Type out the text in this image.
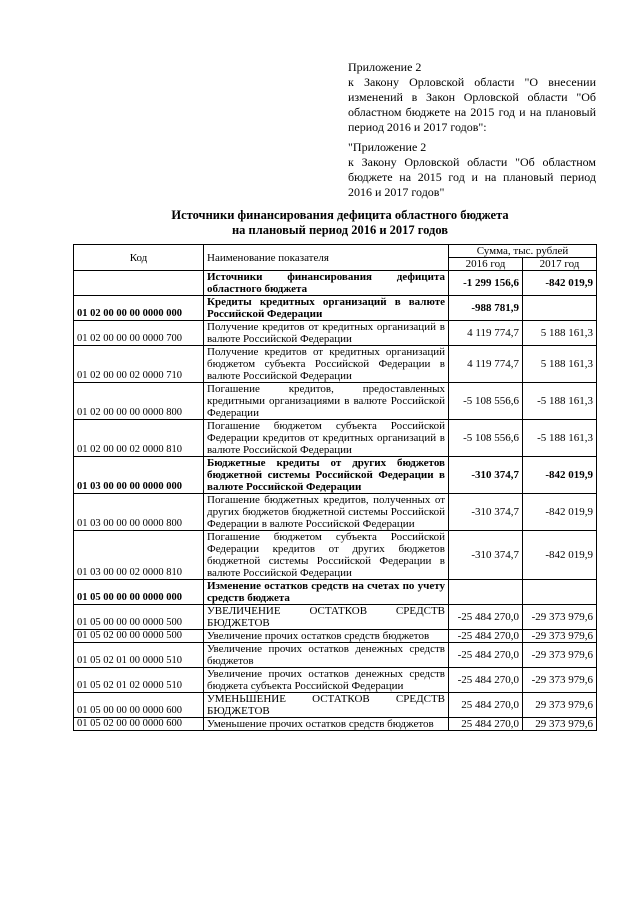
Приложение 2
к Закону Орловской области "О внесении изменений в Закон Орловской области "Об областном бюджете на 2015 год и на плановый период 2016 и 2017 годов":
"Приложение 2
к Закону Орловской области "Об областном бюджете на 2015 год и на плановый период 2016 и 2017 годов"
Источники финансирования дефицита областного бюджета
на плановый период 2016 и 2017 годов
Код	Наименование показателя	Сумма, тыс. рублей	
		2016 год	2017 год
	Источники финансирования дефицита областного бюджета	-1 299 156,6	-842 019,9
01 02 00 00 00 0000 000	Кредиты кредитных организаций в валюте Российской Федерации	-988 781,9	
01 02 00 00 00 0000 700	Получение кредитов от кредитных организаций в валюте Российской Федерации	4 119 774,7	5 188 161,3
01 02 00 00 02 0000 710	Получение кредитов от кредитных организаций бюджетом субъекта Российской Федерации в валюте Российской Федерации	4 119 774,7	5 188 161,3
01 02 00 00 00 0000 800	Погашение кредитов, предоставленных кредитными организациями в валюте Российской Федерации	-5 108 556,6	-5 188 161,3
01 02 00 00 02 0000 810	Погашение бюджетом субъекта Российской Федерации кредитов от кредитных организаций в валюте Российской Федерации	-5 108 556,6	-5 188 161,3
01 03 00 00 00 0000 000	Бюджетные кредиты от других бюджетов бюджетной системы Российской Федерации в валюте Российской Федерации	-310 374,7	-842 019,9
01 03 00 00 00 0000 800	Погашение бюджетных кредитов, полученных от других бюджетов бюджетной системы Российской Федерации в валюте Российской Федерации	-310 374,7	-842 019,9
01 03 00 00 02 0000 810	Погашение бюджетом субъекта Российской Федерации кредитов от других бюджетов бюджетной системы Российской Федерации в валюте Российской Федерации	-310 374,7	-842 019,9
01 05 00 00 00 0000 000	Изменение остатков средств на счетах по учету средств бюджета		
01 05 00 00 00 0000 500	УВЕЛИЧЕНИЕ ОСТАТКОВ СРЕДСТВ БЮДЖЕТОВ	-25 484 270,0	-29 373 979,6
01 05 02 00 00 0000 500	Увеличение прочих остатков средств бюджетов	-25 484 270,0	-29 373 979,6
01 05 02 01 00 0000 510	Увеличение прочих остатков денежных средств бюджетов	-25 484 270,0	-29 373 979,6
01 05 02 01 02 0000 510	Увеличение прочих остатков денежных средств бюджета субъекта Российской Федерации	-25 484 270,0	-29 373 979,6
01 05 00 00 00 0000 600	УМЕНЬШЕНИЕ ОСТАТКОВ СРЕДСТВ БЮДЖЕТОВ	25 484 270,0	29 373 979,6
01 05 02 00 00 0000 600	Уменьшение прочих остатков средств бюджетов	25 484 270,0	29 373 979,6
